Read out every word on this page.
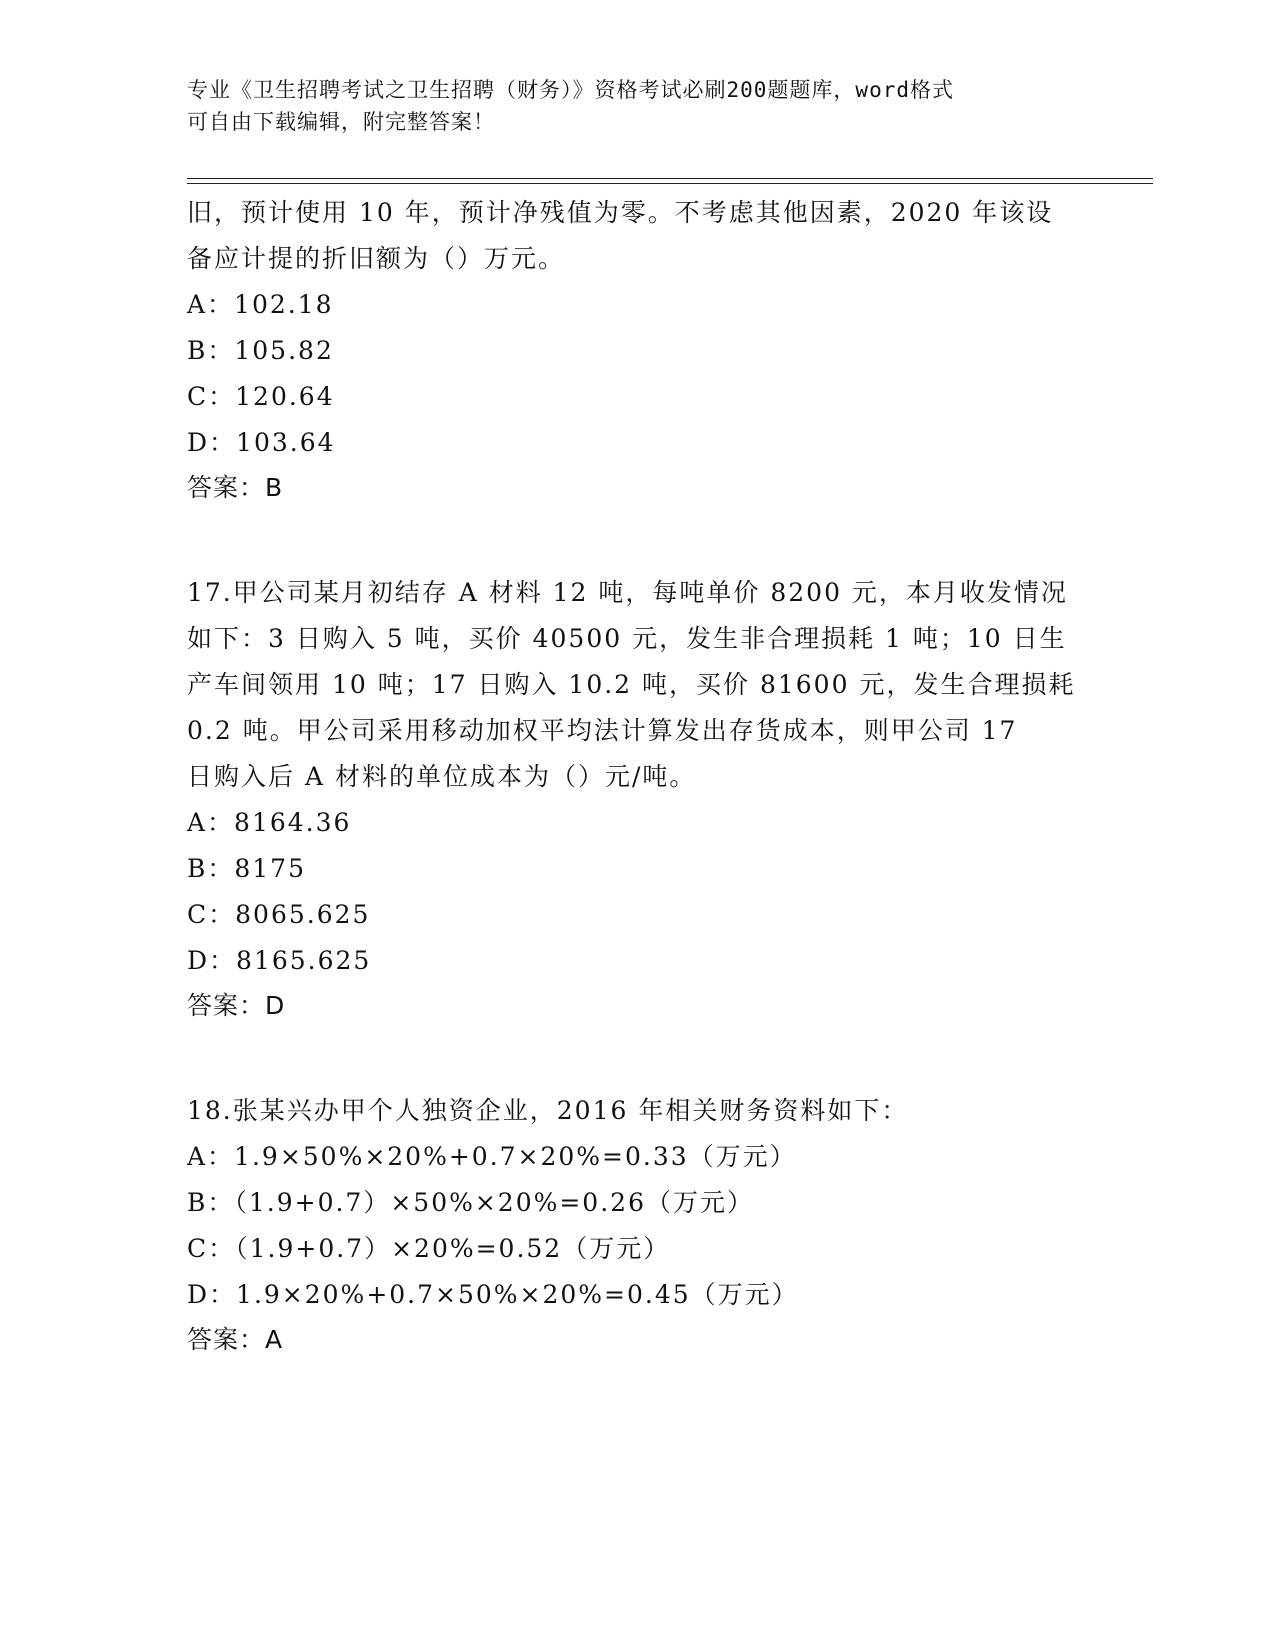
专业《卫生招聘考试之卫生招聘（财务）》资格考试必刷200题题库，word格式
可自由下载编辑，附完整答案！

旧，预计使用 10 年，预计净残值为零。不考虑其他因素，2020 年该设

备应计提的折旧额为（）万元。

A：102.18

B：105.82

C：120.64

D：103.64

答案：B

17.甲公司某月初结存 A 材料 12 吨，每吨单价 8200 元，本月收发情况

如下：3 日购入 5 吨，买价 40500 元，发生非合理损耗 1 吨；10 日生

产车间领用 10 吨；17 日购入 10.2 吨，买价 81600 元，发生合理损耗

0.2 吨。甲公司采用移动加权平均法计算发出存货成本，则甲公司 17

日购入后 A 材料的单位成本为（）元/吨。

A：8164.36

B：8175

C：8065.625

D：8165.625

答案：D

18.张某兴办甲个人独资企业，2016 年相关财务资料如下：

A：1.9×50%×20%+0.7×20%=0.33（万元）

B：（1.9+0.7）×50%×20%=0.26（万元）

C：（1.9+0.7）×20%=0.52（万元）

D：1.9×20%+0.7×50%×20%=0.45（万元）

答案：A
